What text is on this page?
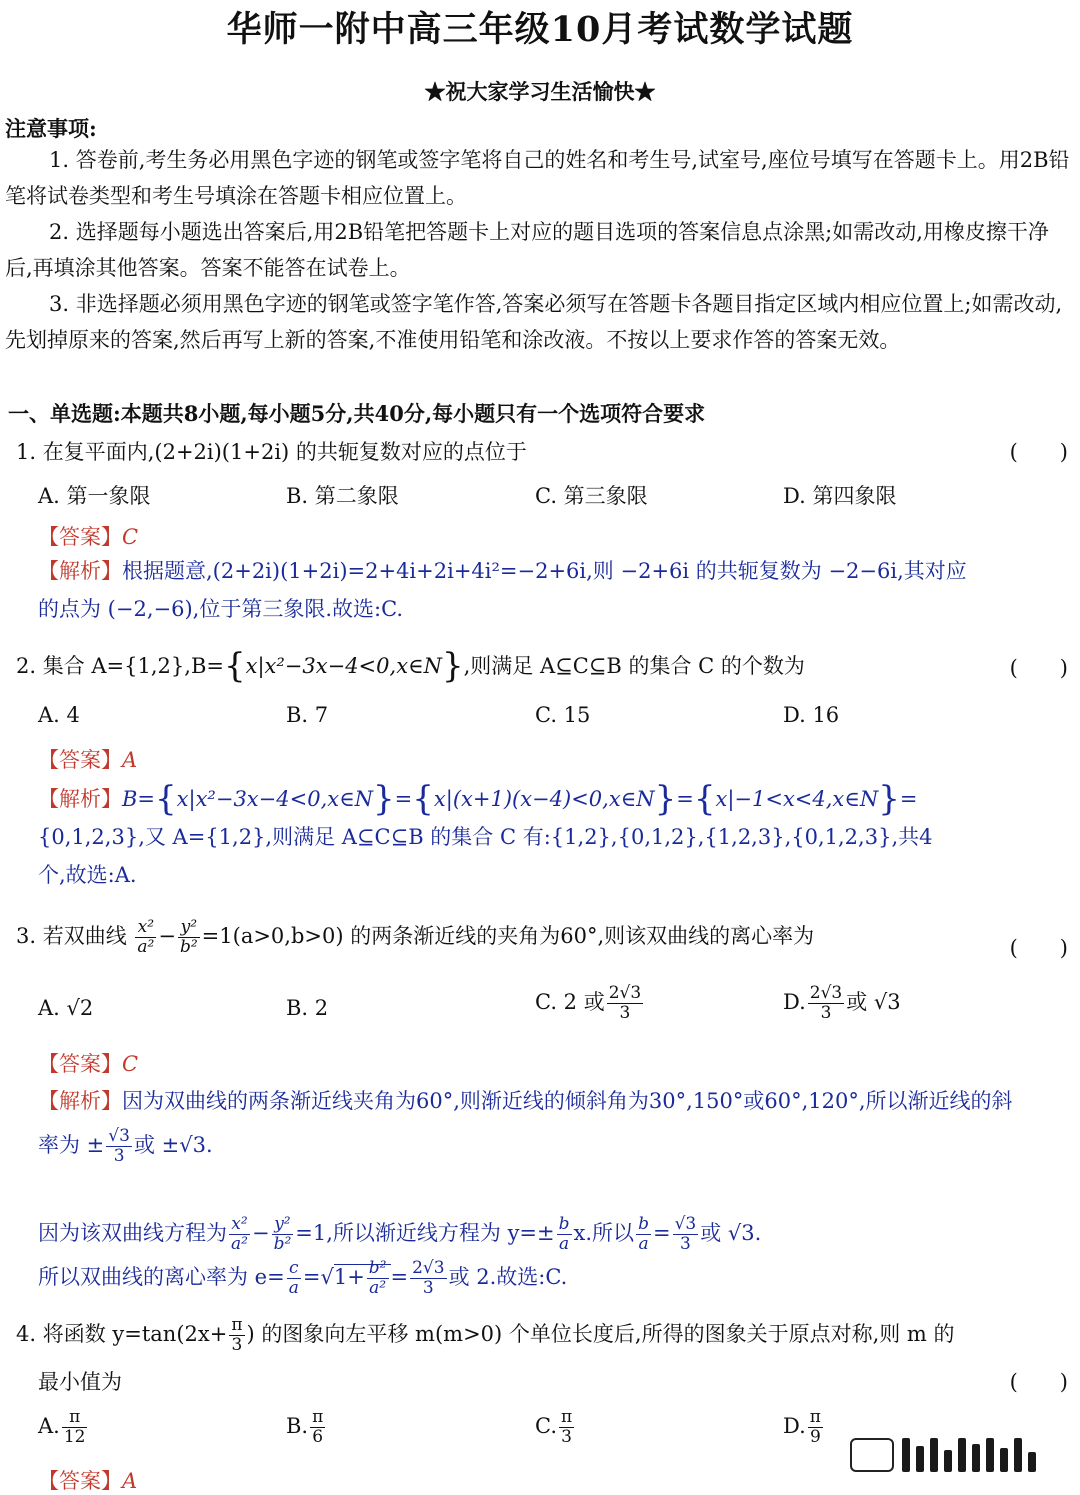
华师一附中高三年级10月考试数学试题
★祝大家学习生活愉快★
注意事项:
1. 答卷前,考生务必用黑色字迹的钢笔或签字笔将自己的姓名和考生号,试室号,座位号填写在答题卡上。用2B铅笔将试卷类型和考生号填涂在答题卡相应位置上。
2. 选择题每小题选出答案后,用2B铅笔把答题卡上对应的题目选项的答案信息点涂黑;如需改动,用橡皮擦干净后,再填涂其他答案。答案不能答在试卷上。
3. 非选择题必须用黑色字迹的钢笔或签字笔作答,答案必须写在答题卡各题目指定区域内相应位置上;如需改动,先划掉原来的答案,然后再写上新的答案,不准使用铅笔和涂改液。不按以上要求作答的答案无效。
一、单选题:本题共8小题,每小题5分,共40分,每小题只有一个选项符合要求
1. 在复平面内,(2+2i)(1+2i) 的共轭复数对应的点位于	(　　)
A. 第一象限	B. 第二象限	C. 第三象限	D. 第四象限
【答案】C
【解析】根据题意,(2+2i)(1+2i)=2+4i+2i+4i²=−2+6i,则 −2+6i 的共轭复数为 −2−6i,其对应
的点为 (−2,−6),位于第三象限.故选:C.
2. 集合 A={1,2},B={x|x²−3x−4<0,x∈N},则满足 A⊆C⊆B 的集合 C 的个数为	(　　)
A. 4	B. 7	C. 15	D. 16
【答案】A
【解析】B={x|x²−3x−4<0,x∈N}={x|(x+1)(x−4)<0,x∈N}={x|−1<x<4,x∈N}=
{0,1,2,3},又 A={1,2},则满足 A⊆C⊆B 的集合 C 有:{1,2},{0,1,2},{1,2,3},{0,1,2,3},共4
个,故选:A.
3. 若双曲线 $\frac{\text{x²}}{\text{a²}} - \frac{\text{y²}}{\text{b²}} =1(a>0,b>0)$ 的两条渐近线的夹角为60°,则该双曲线的离心率为	(　　)
A. √2	B. 2	C. 2 或 $\frac{2√3}{3}$	D. $\frac{2√3}{3}$ 或 √3
【答案】C
【解析】因为双曲线的两条渐近线夹角为60°,则渐近线的倾斜角为30°,150°或60°,120°,所以渐近线的斜
率为 ± $\frac{√3}{3}$ 或 ±√3.

因为该双曲线方程为 $\frac{\text{x²}}{\text{a²}} - \frac{\text{y²}}{\text{b²}} =1$,所以渐近线方程为 $y=\pm \frac{b}{a} x$.所以 $\frac{b}{a} = \frac{√3}{3}$ 或 √3.
所以双曲线的离心率为 $e= \frac{c}{a} =√1+ \frac{\text{b²}}{\text{a²}} = \frac{2√3}{3}$ 或 2.故选:C.
4. 将函数 $y=\tan(2x+ \frac{\pi}{3}$ ) 的图象向左平移 m(m>0) 个单位长度后,所得的图象关于原点对称,则 m 的
最小值为	(　　)
A. $\frac{\pi}{12}$	B. $\frac{\pi}{6}$	C. $\frac{\pi}{3}$	D. $\frac{\pi}{9}$
【答案】A
